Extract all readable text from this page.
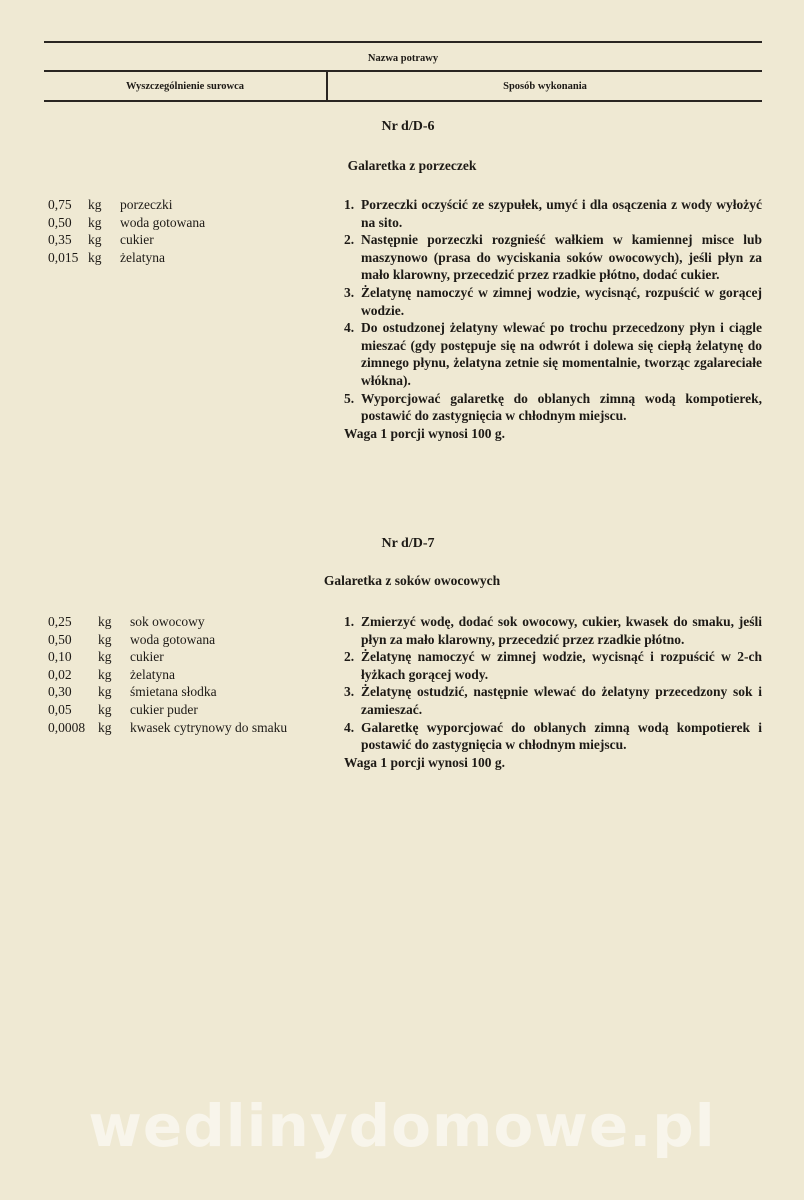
Nazwa potrawy
Wyszczególnienie surowca	Sposób wykonania
Nr d/D-6
Galaretka z porzeczek
0,75	kg	porzeczki
0,50	kg	woda gotowana
0,35	kg	cukier
0,015 kg	żelatyna
1. Porzeczki oczyścić ze szypułek, umyć i dla osączenia z wody wyłożyć na sito.
2. Następnie porzeczki rozgnieść wałkiem w kamiennej misce lub maszynowo (prasa do wyciskania soków owocowych), jeśli płyn za mało klarowny, przecedzić przez rzadkie płótno, dodać cukier.
3. Żelatynę namoczyć w zimnej wodzie, wycisnąć, rozpuścić w gorącej wodzie.
4. Do ostudzonej żelatyny wlewać po trochu przecedzony płyn i ciągle mieszać (gdy postępuje się na odwrót i dolewa się ciepłą żelatynę do zimnego płynu, żelatyna zetnie się momentalnie, tworząc zgalareciałe włókna).
5. Wyporcjować galaretkę do oblanych zimną wodą kompotierek, postawić do zastygnięcia w chłodnym miejscu.
Waga 1 porcji wynosi 100 g.
Nr d/D-7
Galaretka z soków owocowych
0,25	kg	sok owocowy
0,50	kg	woda gotowana
0,10	kg	cukier
0,02	kg	żelatyna
0,30	kg	śmietana słodka
0,05	kg	cukier puder
0,0008 kg	kwasek cytrynowy do smaku
1. Zmierzyć wodę, dodać sok owocowy, cukier, kwasek do smaku, jeśli płyn za mało klarowny, przecedzić przez rzadkie płótno.
2. Żelatynę namoczyć w zimnej wodzie, wycisnąć i rozpuścić w 2-ch łyżkach gorącej wody.
3. Żelatynę ostudzić, następnie wlewać do żelatyny przecedzony sok i zamieszać.
4. Galaretkę wyporcjować do oblanych zimną wodą kompotierek i postawić do zastygnięcia w chłodnym miejscu.
Waga 1 porcji wynosi 100 g.
wedlinydomowe.pl
